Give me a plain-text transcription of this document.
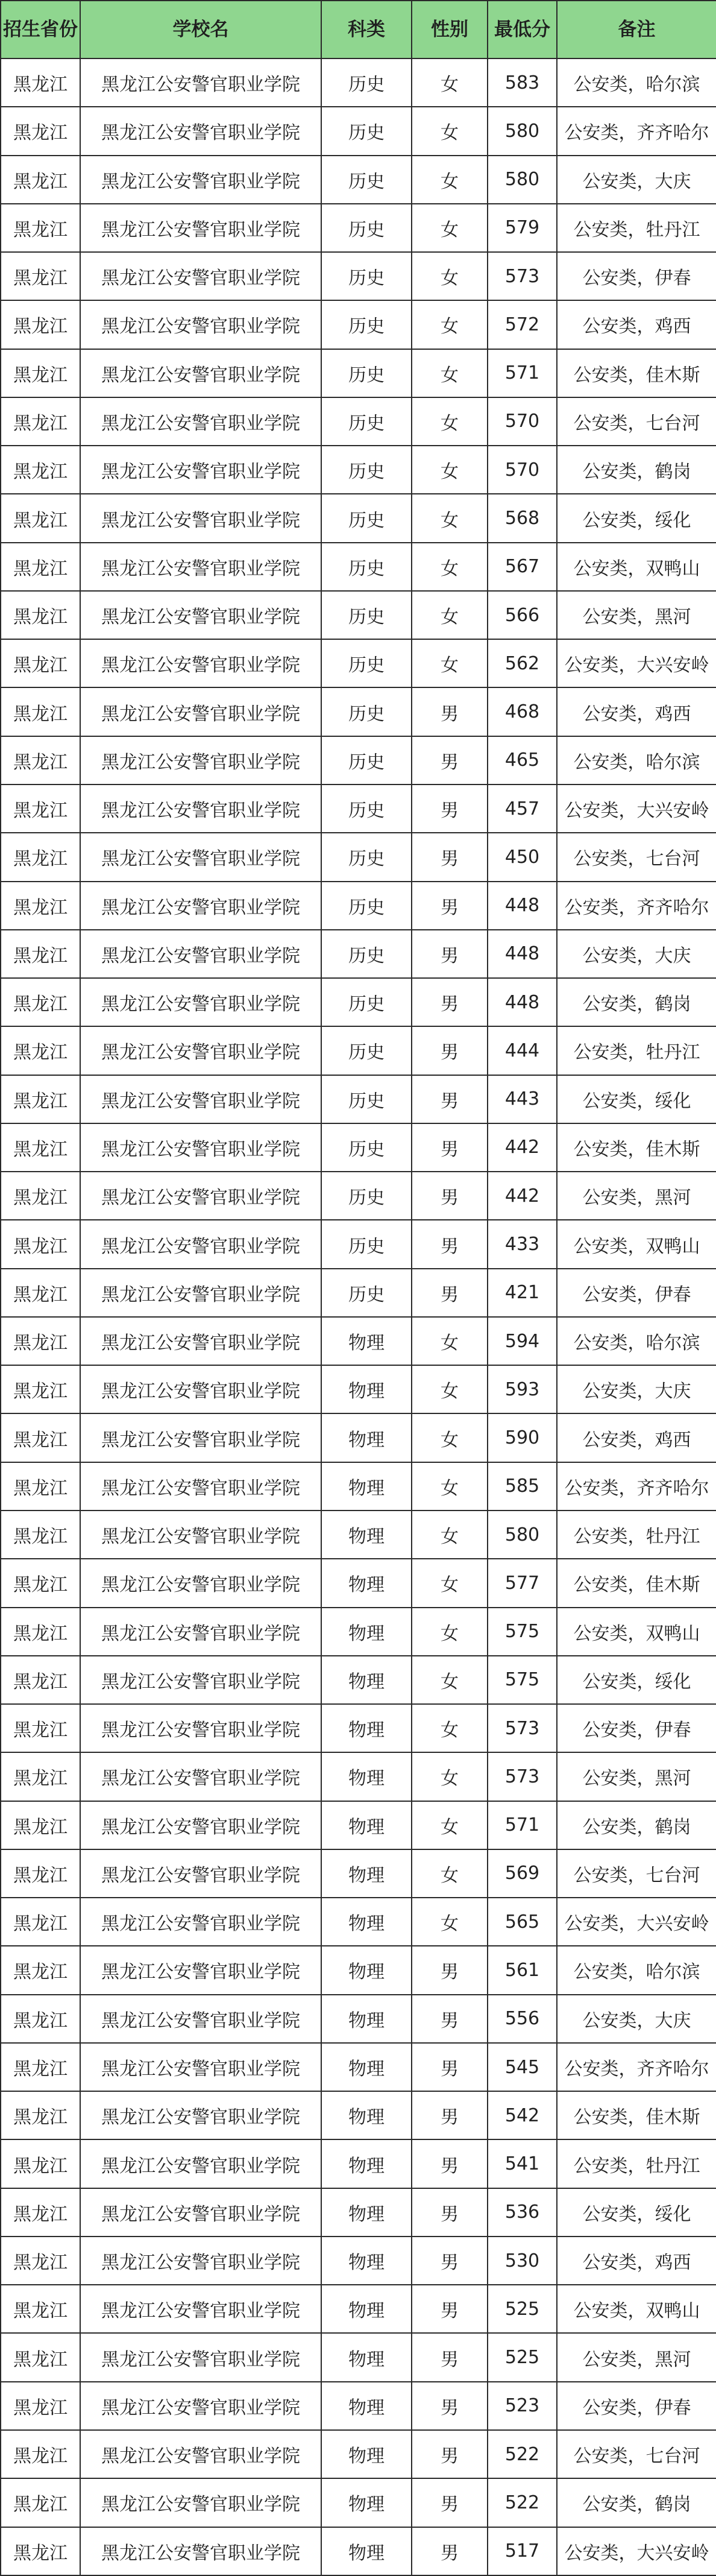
招生省份	学校名	科类	性别	最低分	备注
黑龙江	黑龙江公安警官职业学院	历史	女	583	公安类，哈尔滨
黑龙江	黑龙江公安警官职业学院	历史	女	580	公安类，齐齐哈尔
黑龙江	黑龙江公安警官职业学院	历史	女	580	公安类，大庆
黑龙江	黑龙江公安警官职业学院	历史	女	579	公安类，牡丹江
黑龙江	黑龙江公安警官职业学院	历史	女	573	公安类，伊春
黑龙江	黑龙江公安警官职业学院	历史	女	572	公安类，鸡西
黑龙江	黑龙江公安警官职业学院	历史	女	571	公安类，佳木斯
黑龙江	黑龙江公安警官职业学院	历史	女	570	公安类，七台河
黑龙江	黑龙江公安警官职业学院	历史	女	570	公安类，鹤岗
黑龙江	黑龙江公安警官职业学院	历史	女	568	公安类，绥化
黑龙江	黑龙江公安警官职业学院	历史	女	567	公安类，双鸭山
黑龙江	黑龙江公安警官职业学院	历史	女	566	公安类，黑河
黑龙江	黑龙江公安警官职业学院	历史	女	562	公安类，大兴安岭
黑龙江	黑龙江公安警官职业学院	历史	男	468	公安类，鸡西
黑龙江	黑龙江公安警官职业学院	历史	男	465	公安类，哈尔滨
黑龙江	黑龙江公安警官职业学院	历史	男	457	公安类，大兴安岭
黑龙江	黑龙江公安警官职业学院	历史	男	450	公安类，七台河
黑龙江	黑龙江公安警官职业学院	历史	男	448	公安类，齐齐哈尔
黑龙江	黑龙江公安警官职业学院	历史	男	448	公安类，大庆
黑龙江	黑龙江公安警官职业学院	历史	男	448	公安类，鹤岗
黑龙江	黑龙江公安警官职业学院	历史	男	444	公安类，牡丹江
黑龙江	黑龙江公安警官职业学院	历史	男	443	公安类，绥化
黑龙江	黑龙江公安警官职业学院	历史	男	442	公安类，佳木斯
黑龙江	黑龙江公安警官职业学院	历史	男	442	公安类，黑河
黑龙江	黑龙江公安警官职业学院	历史	男	433	公安类，双鸭山
黑龙江	黑龙江公安警官职业学院	历史	男	421	公安类，伊春
黑龙江	黑龙江公安警官职业学院	物理	女	594	公安类，哈尔滨
黑龙江	黑龙江公安警官职业学院	物理	女	593	公安类，大庆
黑龙江	黑龙江公安警官职业学院	物理	女	590	公安类，鸡西
黑龙江	黑龙江公安警官职业学院	物理	女	585	公安类，齐齐哈尔
黑龙江	黑龙江公安警官职业学院	物理	女	580	公安类，牡丹江
黑龙江	黑龙江公安警官职业学院	物理	女	577	公安类，佳木斯
黑龙江	黑龙江公安警官职业学院	物理	女	575	公安类，双鸭山
黑龙江	黑龙江公安警官职业学院	物理	女	575	公安类，绥化
黑龙江	黑龙江公安警官职业学院	物理	女	573	公安类，伊春
黑龙江	黑龙江公安警官职业学院	物理	女	573	公安类，黑河
黑龙江	黑龙江公安警官职业学院	物理	女	571	公安类，鹤岗
黑龙江	黑龙江公安警官职业学院	物理	女	569	公安类，七台河
黑龙江	黑龙江公安警官职业学院	物理	女	565	公安类，大兴安岭
黑龙江	黑龙江公安警官职业学院	物理	男	561	公安类，哈尔滨
黑龙江	黑龙江公安警官职业学院	物理	男	556	公安类，大庆
黑龙江	黑龙江公安警官职业学院	物理	男	545	公安类，齐齐哈尔
黑龙江	黑龙江公安警官职业学院	物理	男	542	公安类，佳木斯
黑龙江	黑龙江公安警官职业学院	物理	男	541	公安类，牡丹江
黑龙江	黑龙江公安警官职业学院	物理	男	536	公安类，绥化
黑龙江	黑龙江公安警官职业学院	物理	男	530	公安类，鸡西
黑龙江	黑龙江公安警官职业学院	物理	男	525	公安类，双鸭山
黑龙江	黑龙江公安警官职业学院	物理	男	525	公安类，黑河
黑龙江	黑龙江公安警官职业学院	物理	男	523	公安类，伊春
黑龙江	黑龙江公安警官职业学院	物理	男	522	公安类，七台河
黑龙江	黑龙江公安警官职业学院	物理	男	522	公安类，鹤岗
黑龙江	黑龙江公安警官职业学院	物理	男	517	公安类，大兴安岭
